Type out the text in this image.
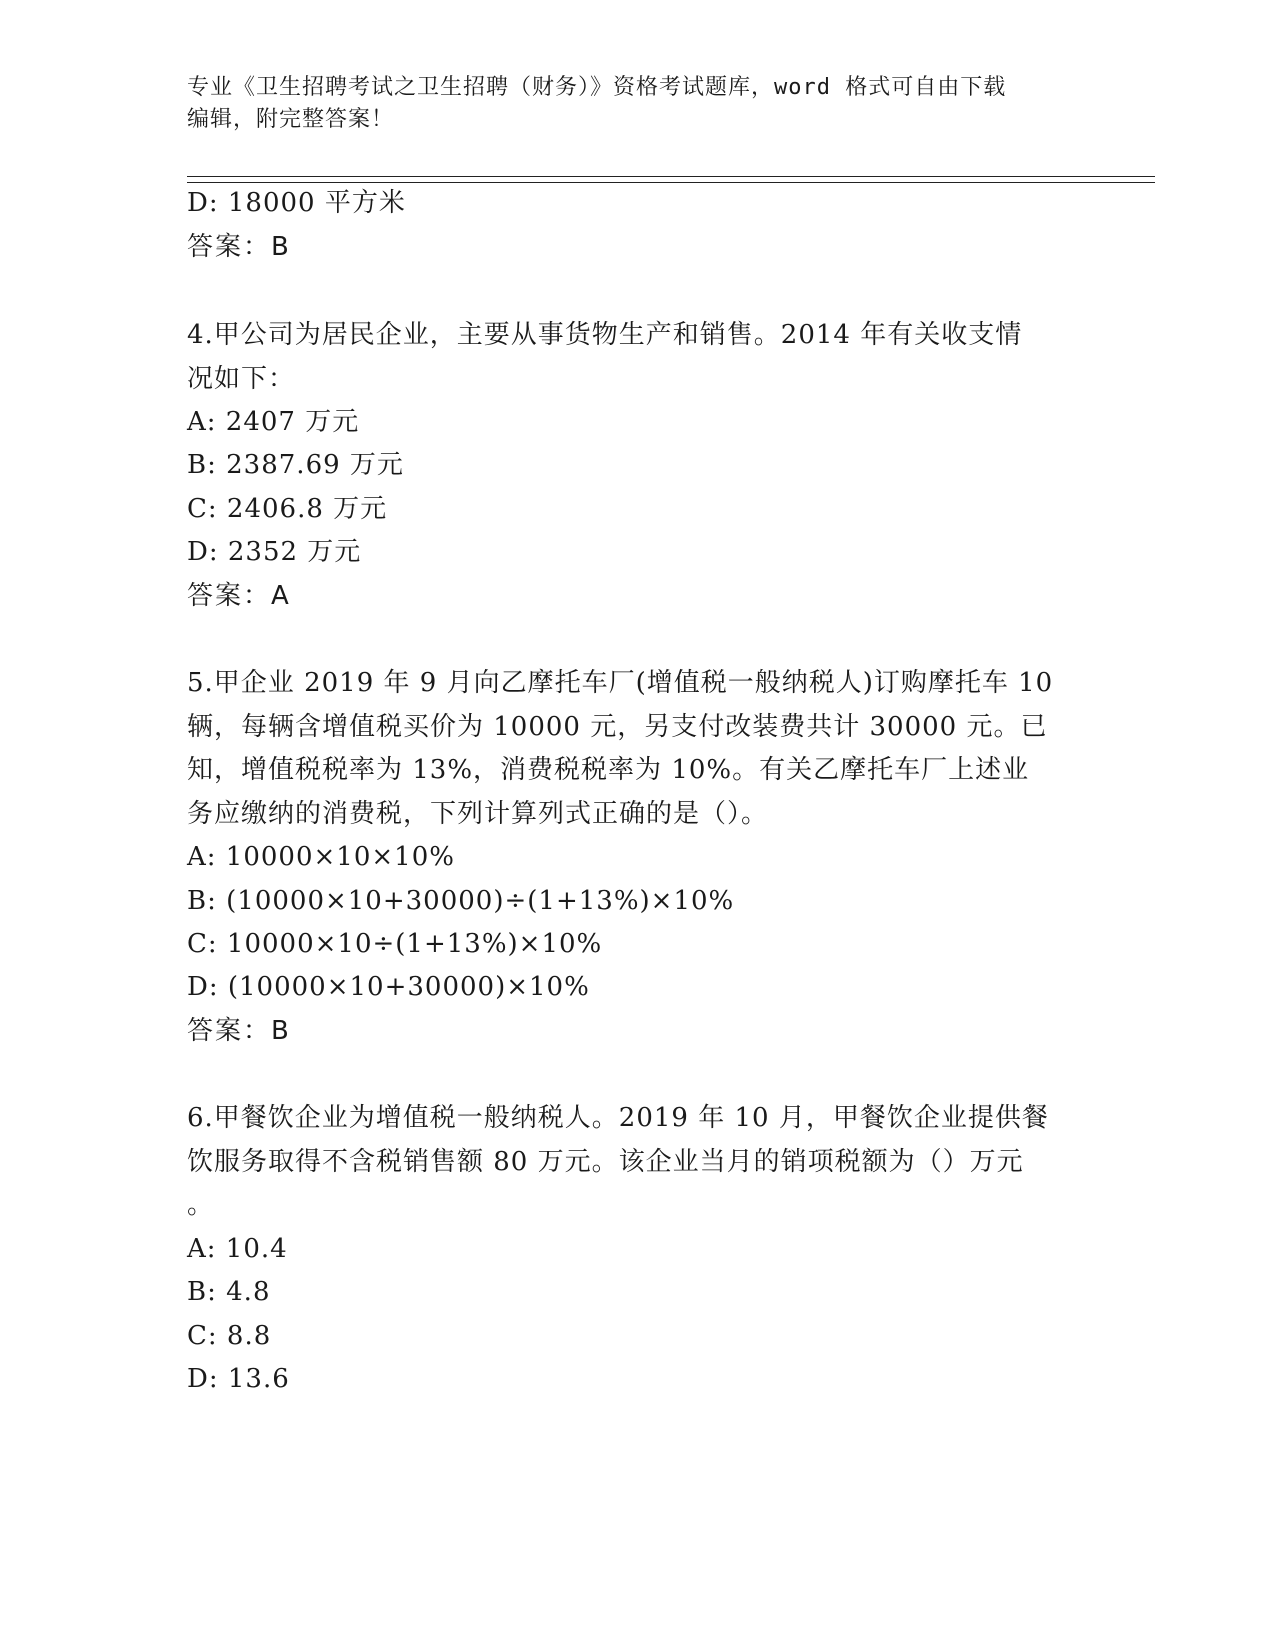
专业《卫生招聘考试之卫生招聘（财务）》资格考试题库，word 格式可自由下载
编辑，附完整答案！
D: 18000 平方米
答案：B
4.甲公司为居民企业，主要从事货物生产和销售。2014 年有关收支情
况如下：
A: 2407 万元
B: 2387.69 万元
C: 2406.8 万元
D: 2352 万元
答案：A
5.甲企业 2019 年 9 月向乙摩托车厂(增值税一般纳税人)订购摩托车 10
辆，每辆含增值税买价为 10000 元，另支付改装费共计 30000 元。已
知，增值税税率为 13%，消费税税率为 10%。有关乙摩托车厂上述业
务应缴纳的消费税，下列计算列式正确的是（）。
A: 10000×10×10%
B: (10000×10+30000)÷(1+13%)×10%
C: 10000×10÷(1+13%)×10%
D: (10000×10+30000)×10%
答案：B
6.甲餐饮企业为增值税一般纳税人。2019 年 10 月，甲餐饮企业提供餐
饮服务取得不含税销售额 80 万元。该企业当月的销项税额为（）万元
。
A: 10.4
B: 4.8
C: 8.8
D: 13.6
